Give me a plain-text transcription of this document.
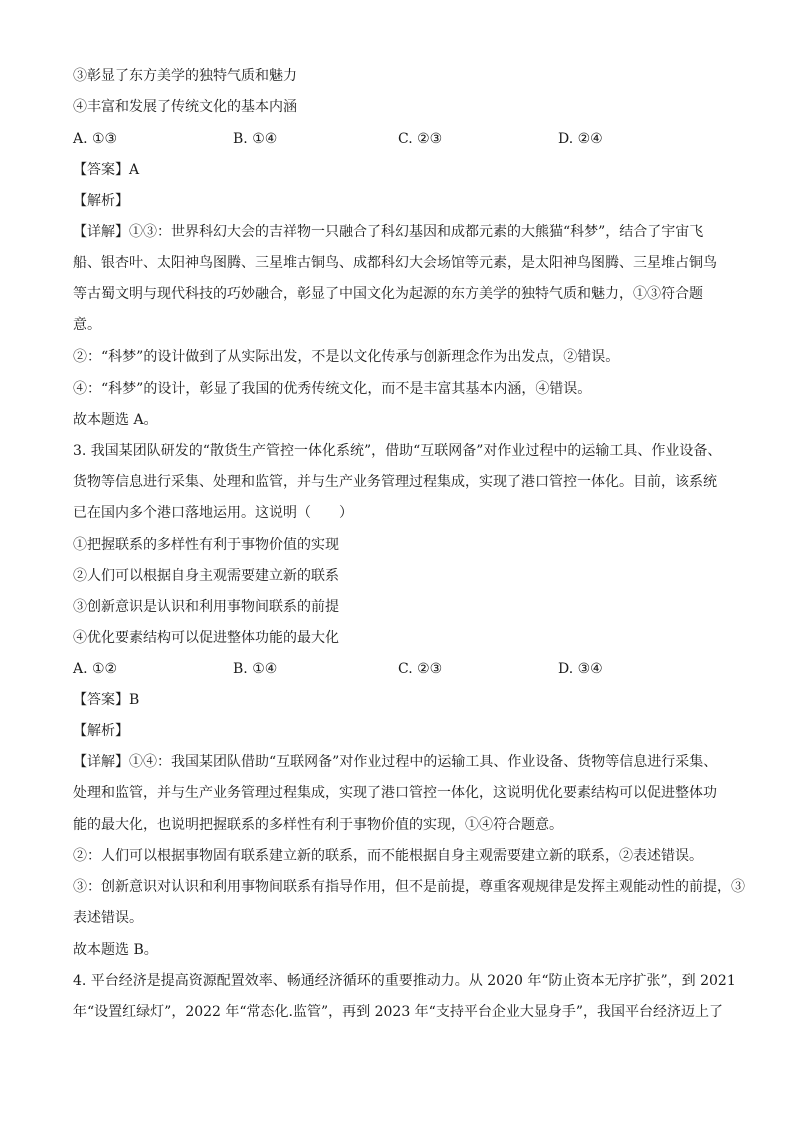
③彰显了东方美学的独特气质和魅力
④丰富和发展了传统文化的基本内涵
A. ①③	B. ①④	C. ②③	D. ②④
【答案】A
【解析】
【详解】①③：世界科幻大会的吉祥物一只融合了科幻基因和成都元素的大熊猫“科梦”，结合了宇宙飞
船、银杏叶、太阳神鸟图腾、三星堆古铜鸟、成都科幻大会场馆等元素，是太阳神鸟图腾、三星堆占铜鸟
等古蜀文明与现代科技的巧妙融合，彰显了中国文化为起源的东方美学的独特气质和魅力，①③符合题
意。
②：“科梦”的设计做到了从实际出发，不是以文化传承与创新理念作为出发点，②错误。
④：“科梦”的设计，彰显了我国的优秀传统文化，而不是丰富其基本内涵，④错误。
故本题选 A。
3. 我国某团队研发的“散货生产管控一体化系统”，借助“互联网备”对作业过程中的运输工具、作业设备、
货物等信息进行采集、处理和监管，并与生产业务管理过程集成，实现了港口管控一体化。目前，该系统
已在国内多个港口落地运用。这说明（　　）
①把握联系的多样性有利于事物价值的实现
②人们可以根据自身主观需要建立新的联系
③创新意识是认识和利用事物间联系的前提
④优化要素结构可以促进整体功能的最大化
A. ①②	B. ①④	C. ②③	D. ③④
【答案】B
【解析】
【详解】①④：我国某团队借助“互联网备”对作业过程中的运输工具、作业设备、货物等信息进行采集、
处理和监管，并与生产业务管理过程集成，实现了港口管控一体化，这说明优化要素结构可以促进整体功
能的最大化，也说明把握联系的多样性有利于事物价值的实现，①④符合题意。
②：人们可以根据事物固有联系建立新的联系，而不能根据自身主观需要建立新的联系，②表述错误。
③：创新意识对认识和利用事物间联系有指导作用，但不是前提，尊重客观规律是发挥主观能动性的前提，③
表述错误。
故本题选 B。
4. 平台经济是提高资源配置效率、畅通经济循环的重要推动力。从 2020 年“防止资本无序扩张”，到 2021
年“设置红绿灯”，2022 年“常态化.监管”，再到 2023 年“支持平台企业大显身手”，我国平台经济迈上了
